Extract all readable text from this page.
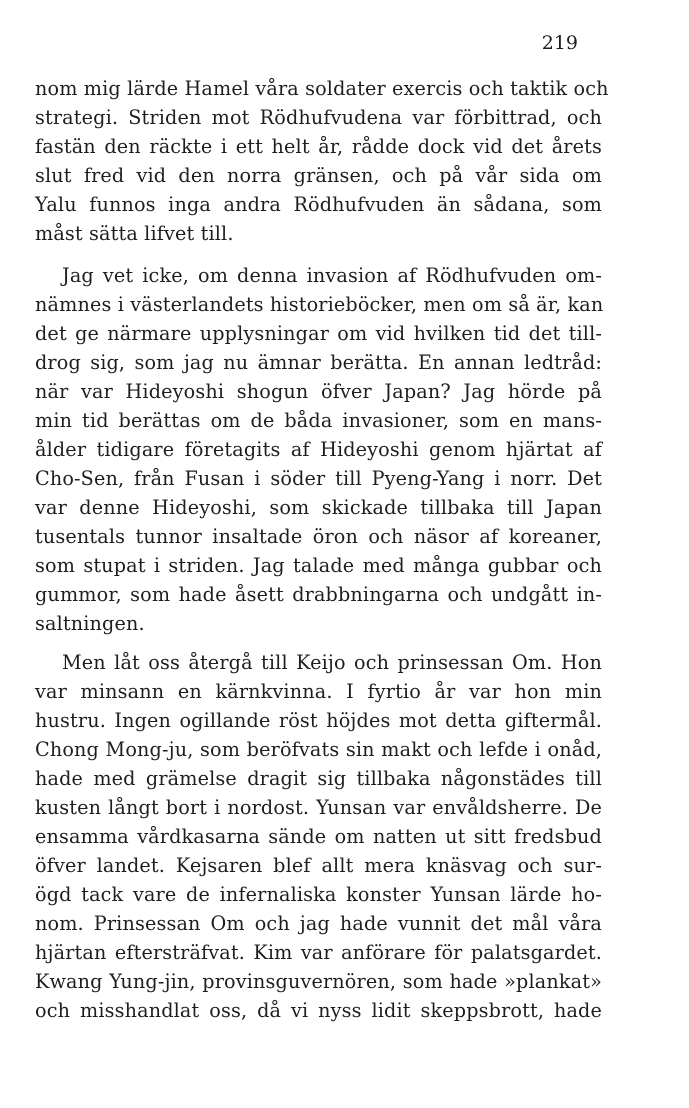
219
nom mig lärde Hamel våra soldater exercis och taktik och
strategi. Striden mot Rödhufvudena var förbittrad, och
fastän den räckte i ett helt år, rådde dock vid det årets
slut fred vid den norra gränsen, och på vår sida om
Yalu funnos inga andra Rödhufvuden än sådana, som
måst sätta lifvet till.
Jag vet icke, om denna invasion af Rödhufvuden om-
nämnes i västerlandets historieböcker, men om så är, kan
det ge närmare upplysningar om vid hvilken tid det till-
drog sig, som jag nu ämnar berätta. En annan ledtråd:
när var Hideyoshi shogun öfver Japan? Jag hörde på
min tid berättas om de båda invasioner, som en mans-
ålder tidigare företagits af Hideyoshi genom hjärtat af
Cho-Sen, från Fusan i söder till Pyeng-Yang i norr. Det
var denne Hideyoshi, som skickade tillbaka till Japan
tusentals tunnor insaltade öron och näsor af koreaner,
som stupat i striden. Jag talade med många gubbar och
gummor, som hade åsett drabbningarna och undgått in-
saltningen.
Men låt oss återgå till Keijo och prinsessan Om. Hon
var minsann en kärnkvinna. I fyrtio år var hon min
hustru. Ingen ogillande röst höjdes mot detta giftermål.
Chong Mong-ju, som beröfvats sin makt och lefde i onåd,
hade med grämelse dragit sig tillbaka någonstädes till
kusten långt bort i nordost. Yunsan var envåldsherre. De
ensamma vårdkasarna sände om natten ut sitt fredsbud
öfver landet. Kejsaren blef allt mera knäsvag och sur-
ögd tack vare de infernaliska konster Yunsan lärde ho-
nom. Prinsessan Om och jag hade vunnit det mål våra
hjärtan eftersträfvat. Kim var anförare för palatsgardet.
Kwang Yung-jin, provinsguvernören, som hade »plankat»
och misshandlat oss, då vi nyss lidit skeppsbrott, hade
